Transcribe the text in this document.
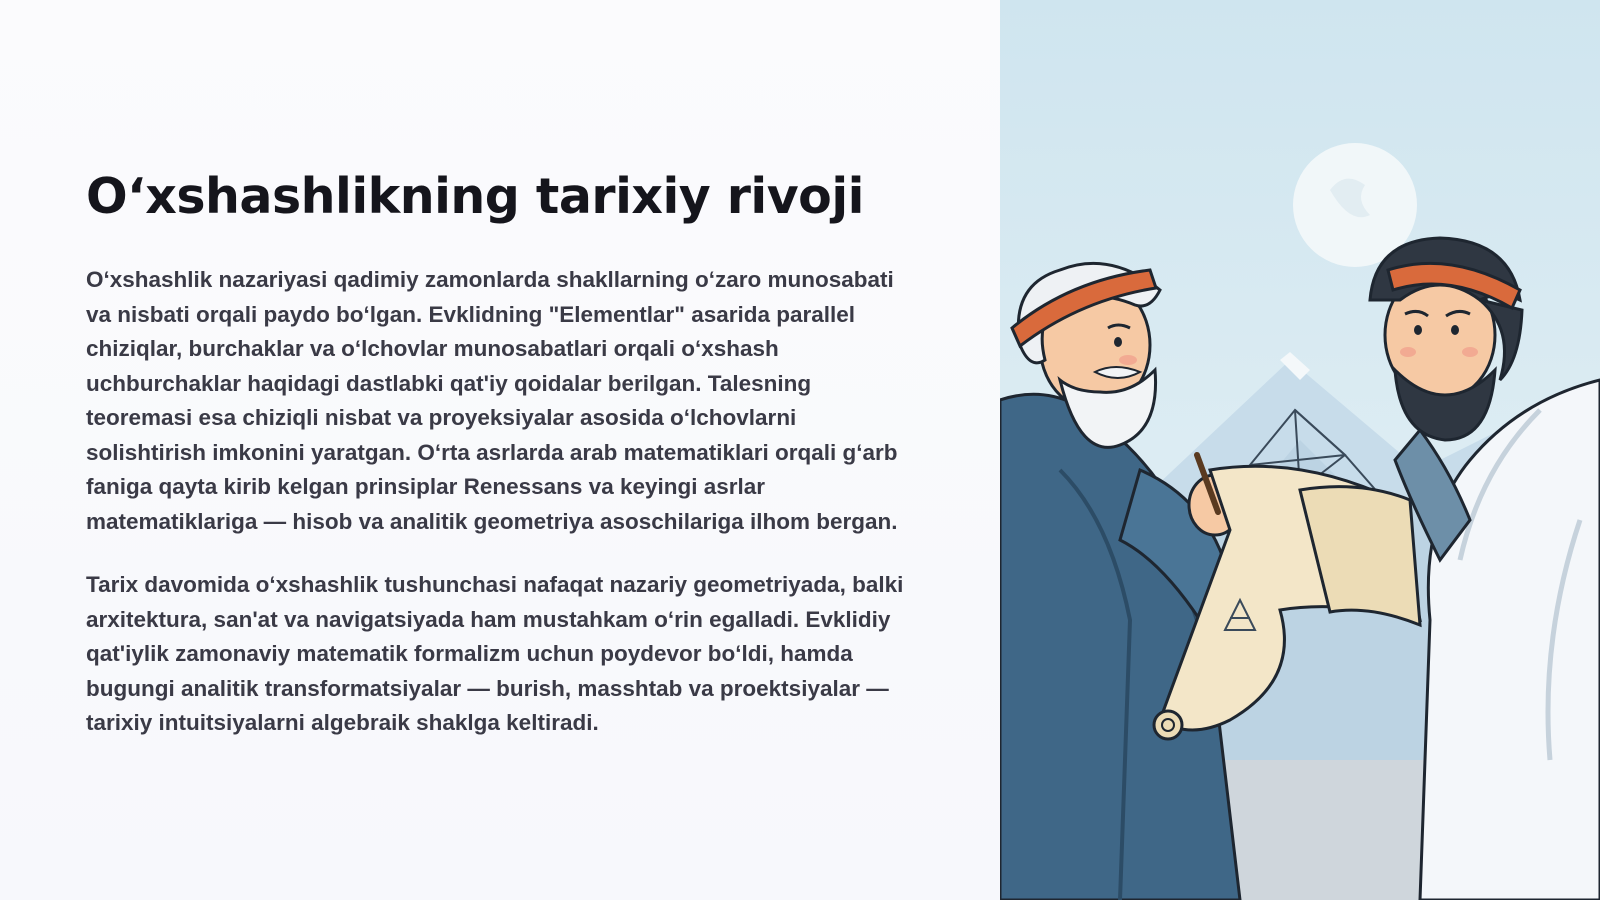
O‘xshashlikning tarixiy rivoji

O‘xshashlik nazariyasi qadimiy zamonlarda shakllarning o‘zaro munosabati va nisbati orqali paydo bo‘lgan. Evklidning "Elementlar" asarida parallel chiziqlar, burchaklar va o‘lchovlar munosabatlari orqali o‘xshash uchburchaklar haqidagi dastlabki qat'iy qoidalar berilgan. Talesning teoremasi esa chiziqli nisbat va proyeksiyalar asosida o‘lchovlarni solishtirish imkonini yaratgan. O‘rta asrlarda arab matematiklari orqali g‘arb faniga qayta kirib kelgan prinsiplar Renessans va keyingi asrlar matematiklariga — hisob va analitik geometriya asoschilariga ilhom bergan.

Tarix davomida o‘xshashlik tushunchasi nafaqat nazariy geometriyada, balki arxitektura, san'at va navigatsiyada ham mustahkam o‘rin egalladi. Evklidiy qat'iylik zamonaviy matematik formalizm uchun poydevor bo‘ldi, hamda bugungi analitik transformatsiyalar — burish, masshtab va proektsiyalar — tarixiy intuitsiyalarni algebraik shaklga keltiradi.
